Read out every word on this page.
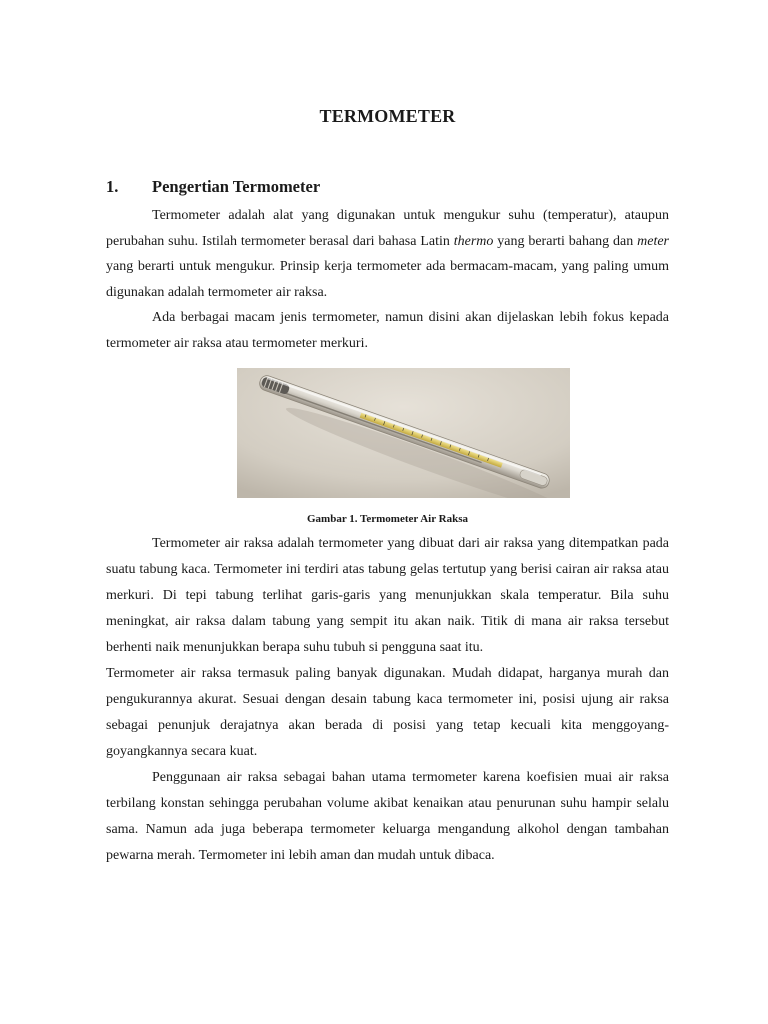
TERMOMETER
1. Pengertian Termometer

Termometer adalah alat yang digunakan untuk mengukur suhu (temperatur), ataupun perubahan suhu. Istilah termometer berasal dari bahasa Latin thermo yang berarti bahang dan meter yang berarti untuk mengukur. Prinsip kerja termometer ada bermacam-macam, yang paling umum digunakan adalah termometer air raksa.

Ada berbagai macam jenis termometer, namun disini akan dijelaskan lebih fokus kepada termometer air raksa atau termometer merkuri.

Gambar 1. Termometer Air Raksa

Termometer air raksa adalah termometer yang dibuat dari air raksa yang ditempatkan pada suatu tabung kaca. Termometer ini terdiri atas tabung gelas tertutup yang berisi cairan air raksa atau merkuri. Di tepi tabung terlihat garis-garis yang menunjukkan skala temperatur. Bila suhu meningkat, air raksa dalam tabung yang sempit itu akan naik. Titik di mana air raksa tersebut berhenti naik menunjukkan berapa suhu tubuh si pengguna saat itu.

Termometer air raksa termasuk paling banyak digunakan. Mudah didapat, harganya murah dan pengukurannya akurat. Sesuai dengan desain tabung kaca termometer ini, posisi ujung air raksa sebagai penunjuk derajatnya akan berada di posisi yang tetap kecuali kita menggoyang-goyangkannya secara kuat.

Penggunaan air raksa sebagai bahan utama termometer karena koefisien muai air raksa terbilang konstan sehingga perubahan volume akibat kenaikan atau penurunan suhu hampir selalu sama. Namun ada juga beberapa termometer keluarga mengandung alkohol dengan tambahan pewarna merah. Termometer ini lebih aman dan mudah untuk dibaca.
